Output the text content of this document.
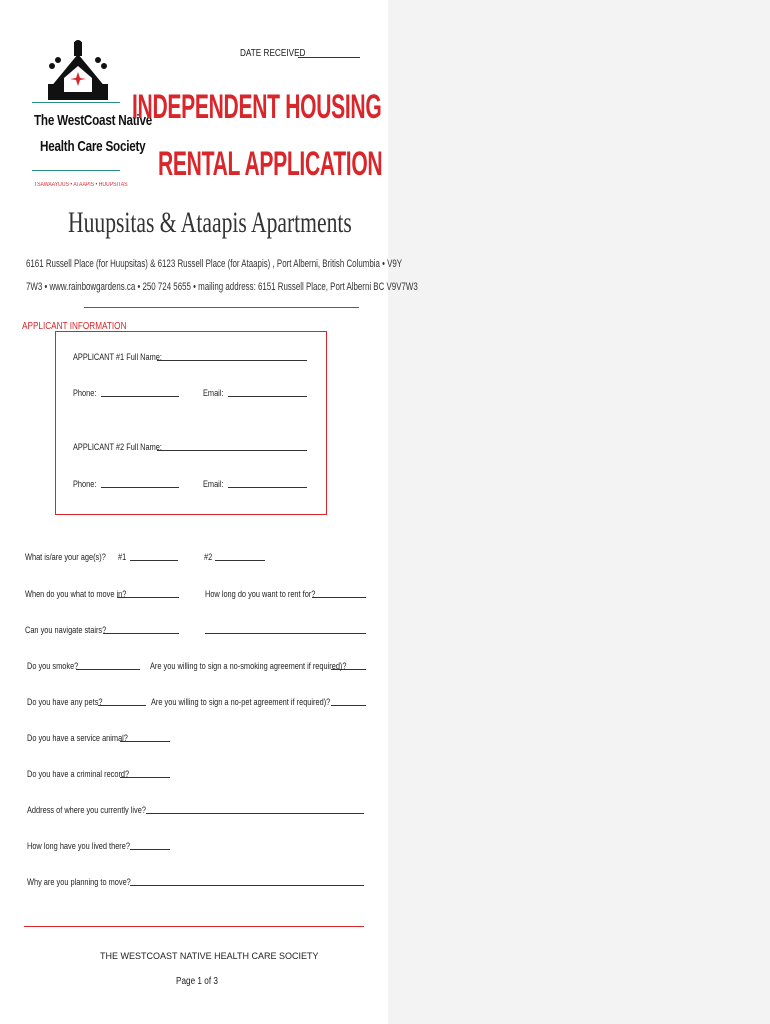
The WestCoast Native
Health Care Society
TSAWAAYUUS • ATAAPIS • HUUPSITAS
DATE RECEIVED
INDEPENDENT HOUSING
RENTAL APPLICATION
Huupsitas & Ataapis Apartments
6161 Russell Place (for Huupsitas) & 6123 Russell Place (for Ataapis) , Port Alberni, British Columbia • V9Y
7W3 • www.rainbowgardens.ca • 250 724 5655 • mailing address: 6151 Russell Place, Port Alberni BC V9V7W3
APPLICANT INFORMATION
APPLICANT #1 Full Name:
Phone:	Email:
APPLICANT #2 Full Name:
Phone:	Email:
What is/are your age(s)? #1	#2
When do you what to move in?	How long do you want to rent for?
Can you navigate stairs?
Do you smoke?	Are you willing to sign a no-smoking agreement if required)?
Do you have any pets?	Are you willing to sign a no-pet agreement if required)?
Do you have a service animal?
Do you have a criminal record?
Address of where you currently live?
How long have you lived there?
Why are you planning to move?
THE WESTCOAST NATIVE HEALTH CARE SOCIETY
Page 1 of 3
